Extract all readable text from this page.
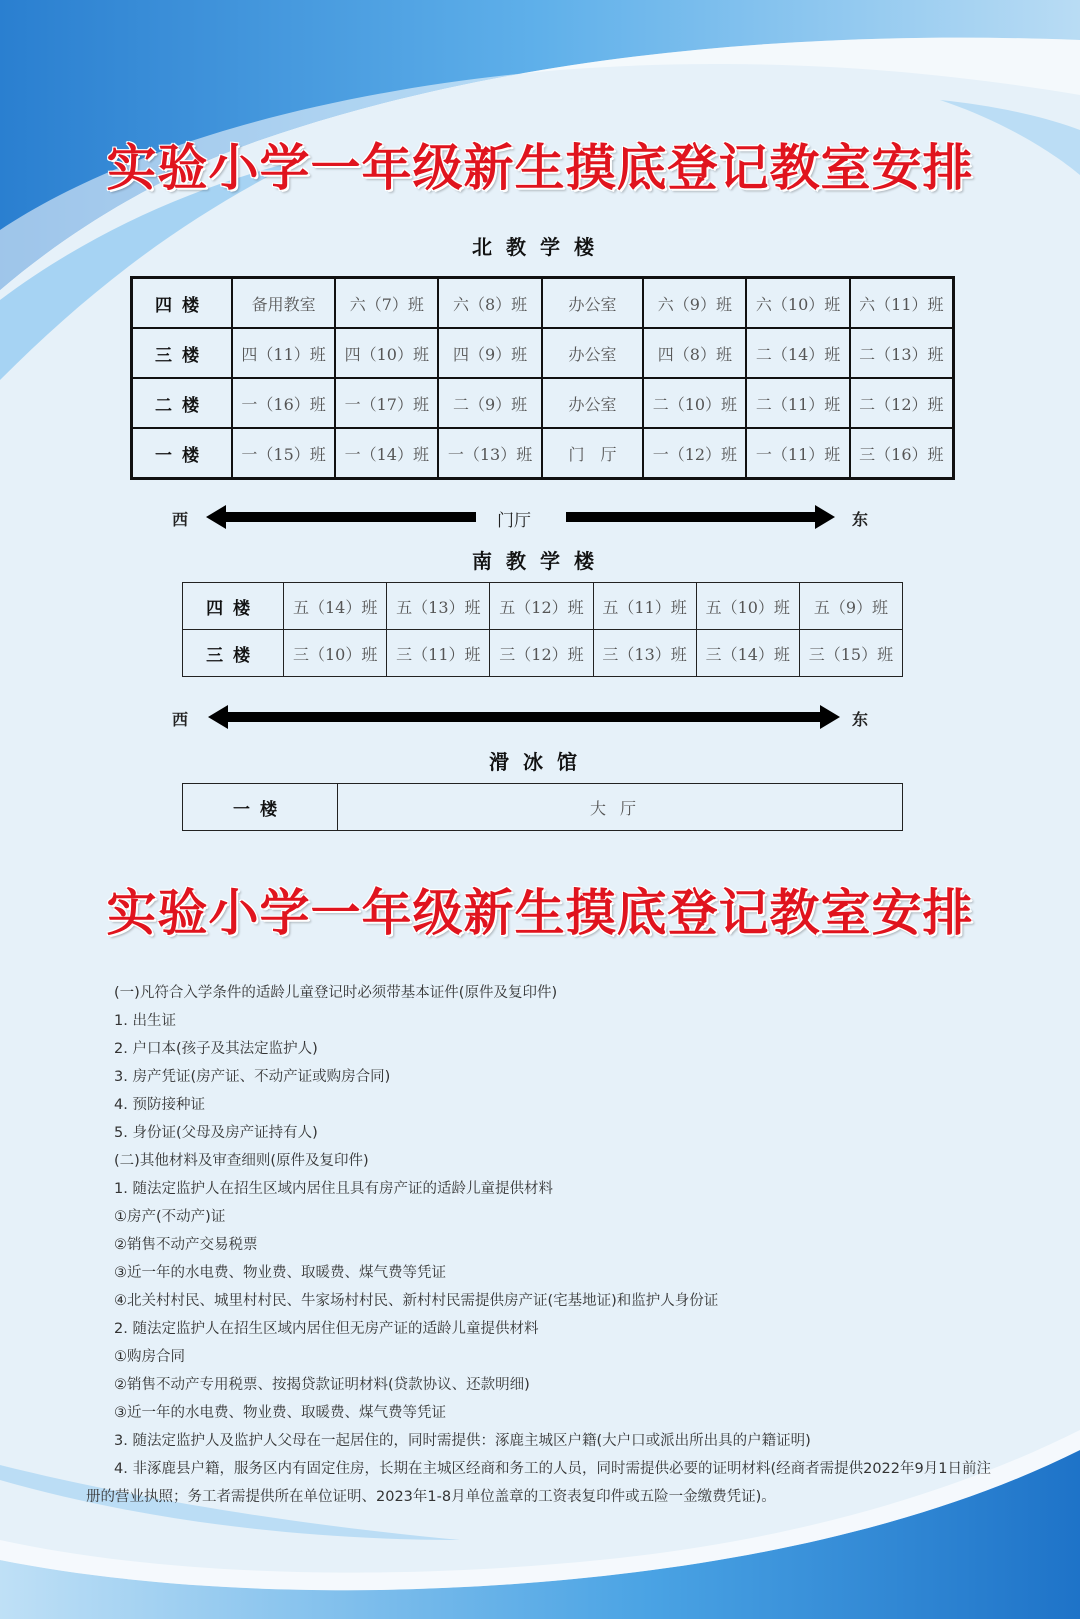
实验小学一年级新生摸底登记教室安排
北教学楼
四楼	备用教室	六（7）班	六（8）班	办公室	六（9）班	六（10）班	六（11）班
三楼	四（11）班	四（10）班	四（9）班	办公室	四（8）班	二（14）班	二（13）班
二楼	一（16）班	一（17）班	二（9）班	办公室	二（10）班	二（11）班	二（12）班
一楼	一（15）班	一（14）班	一（13）班	门　厅	一（12）班	一（11）班	三（16）班
西	门厅	东
南教学楼
四楼	五（14）班	五（13）班	五（12）班	五（11）班	五（10）班	五（9）班
三楼	三（10）班	三（11）班	三（12）班	三（13）班	三（14）班	三（15）班
西	东
滑冰馆
一楼	大厅
实验小学一年级新生摸底登记教室安排
(一)凡符合入学条件的适龄儿童登记时必须带基本证件(原件及复印件)
1. 出生证
2. 户口本(孩子及其法定监护人)
3. 房产凭证(房产证、不动产证或购房合同)
4. 预防接种证
5. 身份证(父母及房产证持有人)
(二)其他材料及审查细则(原件及复印件)
1. 随法定监护人在招生区域内居住且具有房产证的适龄儿童提供材料
①房产(不动产)证
②销售不动产交易税票
③近一年的水电费、物业费、取暖费、煤气费等凭证
④北关村村民、城里村村民、牛家场村村民、新村村民需提供房产证(宅基地证)和监护人身份证
2. 随法定监护人在招生区域内居住但无房产证的适龄儿童提供材料
①购房合同
②销售不动产专用税票、按揭贷款证明材料(贷款协议、还款明细)
③近一年的水电费、物业费、取暖费、煤气费等凭证
3. 随法定监护人及监护人父母在一起居住的，同时需提供：涿鹿主城区户籍(大户口或派出所出具的户籍证明)
4. 非涿鹿县户籍，服务区内有固定住房，长期在主城区经商和务工的人员，同时需提供必要的证明材料(经商者需提供2022年9月1日前注册的营业执照；务工者需提供所在单位证明、2023年1-8月单位盖章的工资表复印件或五险一金缴费凭证)。
